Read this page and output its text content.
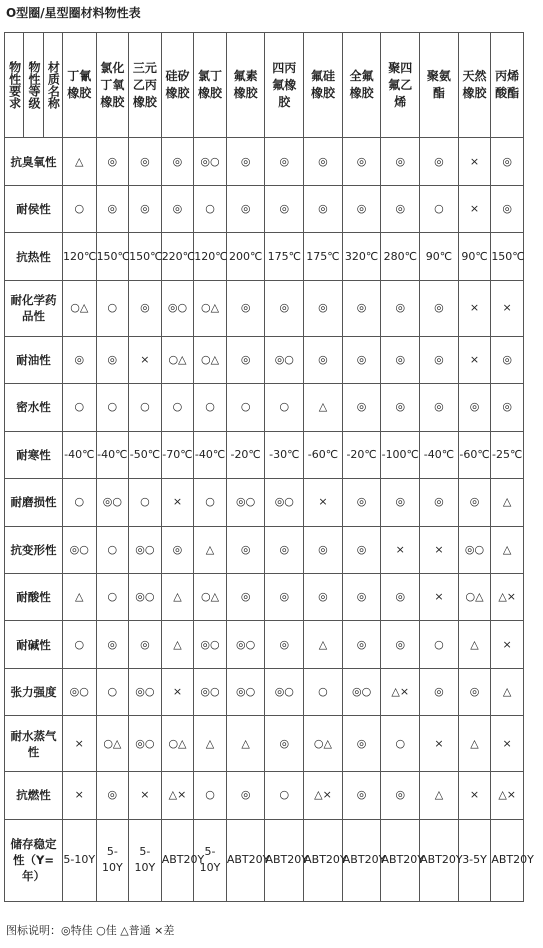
O型圈/星型圈材料物性表
物性要求	物性等级	材质名称	丁氰橡胶	氯化丁氧橡胶	三元乙丙橡胶	硅矽橡胶	氯丁橡胶	氟素橡胶	四丙氟橡胶	氟硅橡胶	全氟橡胶	聚四氟乙烯	聚氨酯	天然橡胶	丙烯酸酯
抗臭氧性			△	◎	◎	◎	◎○	◎	◎	◎	◎	◎	◎	×	◎
耐侯性			○	◎	◎	◎	○	◎	◎	◎	◎	◎	○	×	◎
抗热性			120℃	150℃	150℃	220℃	120℃	200℃	175℃	175℃	320℃	280℃	90℃	90℃	150℃
耐化学药品性			○△	○	◎	◎○	○△	◎	◎	◎	◎	◎	◎	×	×
耐油性			◎	◎	×	○△	○△	◎	◎○	◎	◎	◎	◎	×	◎
密水性			○	○	○	○	○	○	○	△	◎	◎	◎	◎	◎
耐寒性			-40℃	-40℃	-50℃	-70℃	-40℃	-20℃	-30℃	-60℃	-20℃	-100℃	-40℃	-60℃	-25℃
耐磨损性			○	◎○	○	×	○	◎○	◎○	×	◎	◎	◎	◎	△
抗变形性			◎○	○	◎○	◎	△	◎	◎	◎	◎	×	×	◎○	△
耐酸性			△	○	◎○	△	○△	◎	◎	◎	◎	◎	×	○△	△×
耐碱性			○	◎	◎	△	◎○	◎○	◎	△	◎	◎	○	△	×
张力强度			◎○	○	◎○	×	◎○	◎○	◎○	○	◎○	△×	◎	◎	△
耐水蒸气性			×	○△	◎○	○△	△	△	◎	○△	◎	○	×	△	×
抗燃性			×	◎	×	△×	○	◎	○	△×	◎	◎	△	×	△×
储存稳定性（Y=年）			5-10Y	5-10Y	5-10Y	ABT20Y	5-10Y	ABT20Y	ABT20Y	ABT20Y	ABT20Y	ABT20Y	ABT20Y	3-5Y	ABT20Y
图标说明：◎特佳 ○佳 △普通 ×差
